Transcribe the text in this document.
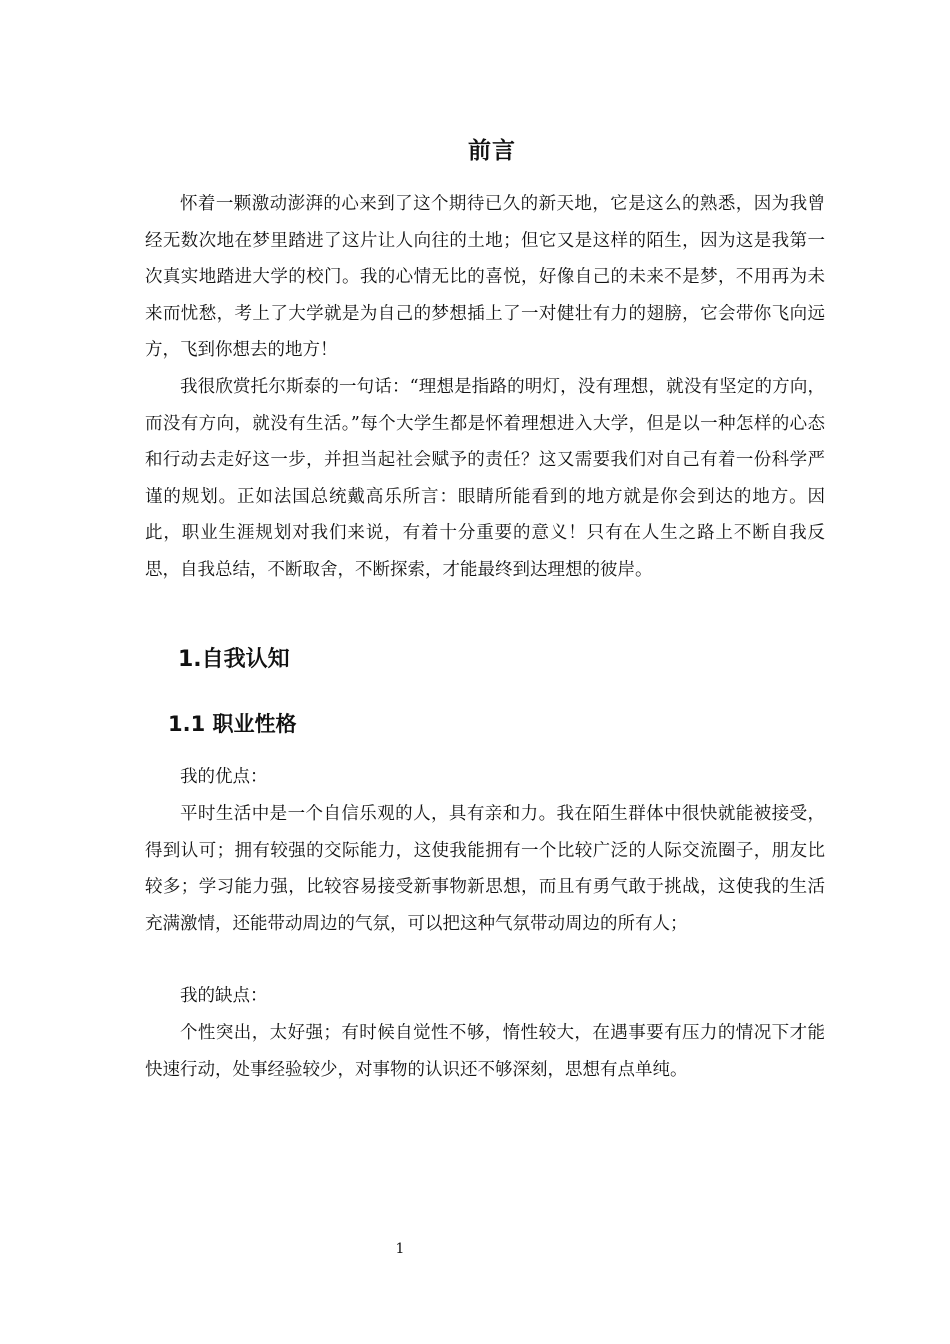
前言

怀着一颗激动澎湃的心来到了这个期待已久的新天地，它是这么的熟悉，因为我曾经无数次地在梦里踏进了这片让人向往的土地；但它又是这样的陌生，因为这是我第一次真实地踏进大学的校门。我的心情无比的喜悦，好像自己的未来不是梦，不用再为未来而忧愁，考上了大学就是为自己的梦想插上了一对健壮有力的翅膀，它会带你飞向远方，飞到你想去的地方！

我很欣赏托尔斯泰的一句话：“理想是指路的明灯，没有理想，就没有坚定的方向，而没有方向，就没有生活。”每个大学生都是怀着理想进入大学，但是以一种怎样的心态和行动去走好这一步，并担当起社会赋予的责任？这又需要我们对自己有着一份科学严谨的规划。正如法国总统戴高乐所言：眼睛所能看到的地方就是你会到达的地方。因此，职业生涯规划对我们来说，有着十分重要的意义！只有在人生之路上不断自我反思，自我总结，不断取舍，不断探索，才能最终到达理想的彼岸。

1.自我认知
1.1 职业性格

我的优点：

平时生活中是一个自信乐观的人，具有亲和力。我在陌生群体中很快就能被接受，得到认可；拥有较强的交际能力，这使我能拥有一个比较广泛的人际交流圈子，朋友比较多；学习能力强，比较容易接受新事物新思想，而且有勇气敢于挑战，这使我的生活充满激情，还能带动周边的气氛，可以把这种气氛带动周边的所有人；

我的缺点：

个性突出，太好强；有时候自觉性不够，惰性较大，在遇事要有压力的情况下才能快速行动，处事经验较少，对事物的认识还不够深刻，思想有点单纯。

1
